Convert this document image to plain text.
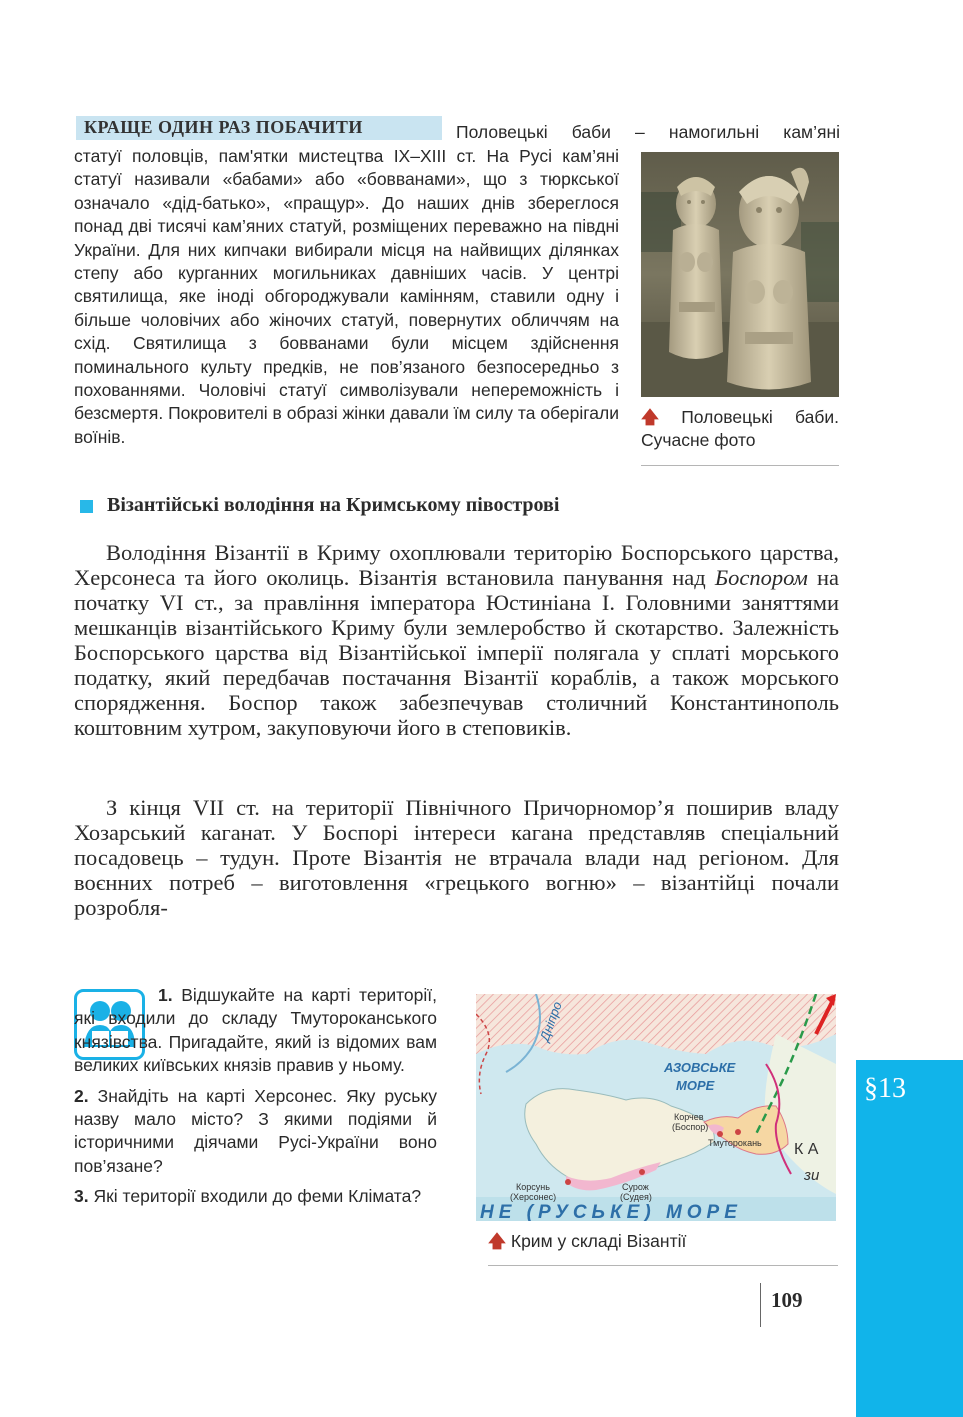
КРАЩЕ ОДИН РАЗ ПОБАЧИТИ	Половецькі баби – намогильні кам’яні
статуї половців, пам'ятки мистецтва IX–XIII ст. На Русі кам’яні статуї називали «бабами» або «бовванами», що з тюркської означало «дід-батько», «пращур». До наших днів збереглося понад дві тисячі кам’яних статуй, розміщених переважно на півдні України. Для них кипчаки вибирали місця на найвищих ділянках степу або курганних могильниках давніших часів. У центрі святилища, яке іноді обгороджували камінням, ставили одну і більше чоловічих або жіночих статуй, повернутих обличчям на схід. Святилища з бовванами були місцем здійснення поминального культу предків, не пов’язаного безпосередньо з похованнями. Чоловічі статуї символізували непереможність і безсмертя. Покровителі в образі жінки давали їм силу та оберігали воїнів.
🡅 Половецькі баби. Сучасне фото
Візантійські володіння на Кримському півострові
Володіння Візантії в Криму охоплювали територію Боспорського царства, Херсонеса та його околиць. Візантія встановила панування над Боспором на початку VI ст., за правління імператора Юстиніана І. Головними заняттями мешканців візантійського Криму були землеробство й скотарство. Залежність Боспорського царства від Візантійської імперії полягала у сплаті морського податку, який передбачав постачання Візантії кораблів, а також морського спорядження. Боспор також забезпечував столичний Константинополь коштовним хутром, закуповуючи його в степовиків.
З кінця VII ст. на території Північного Причорномор’я поширив владу Хозарський каганат. У Боспорі інтереси кагана представляв спеціальний посадовець – тудун. Проте Візантія не втрачала влади над регіоном. Для воєнних потреб – виготовлення «грецького вогню» – візантійці почали розробля-
1. Відшукайте на карті території, які входили до складу Тмутороканського князівства. Пригадайте, який із відомих вам великих київських князів правив у ньому.
2. Знайдіть на карті Херсонес. Яку руську назву мало місто? З якими подіями й історичними діячами Русі-України воно пов’язане?
3. Які території входили до феми Клімата?
Дніпро
АЗОВСЬКЕ
МОРЕ
Корчев
(Боспор)
Тмуторокань
Корсунь
(Херсонес)
Сурож
(Судея)
К А
зи
НЕ (РУСЬКЕ) МОРЕ
🡅 Крим у складі Візантії
109
§13
